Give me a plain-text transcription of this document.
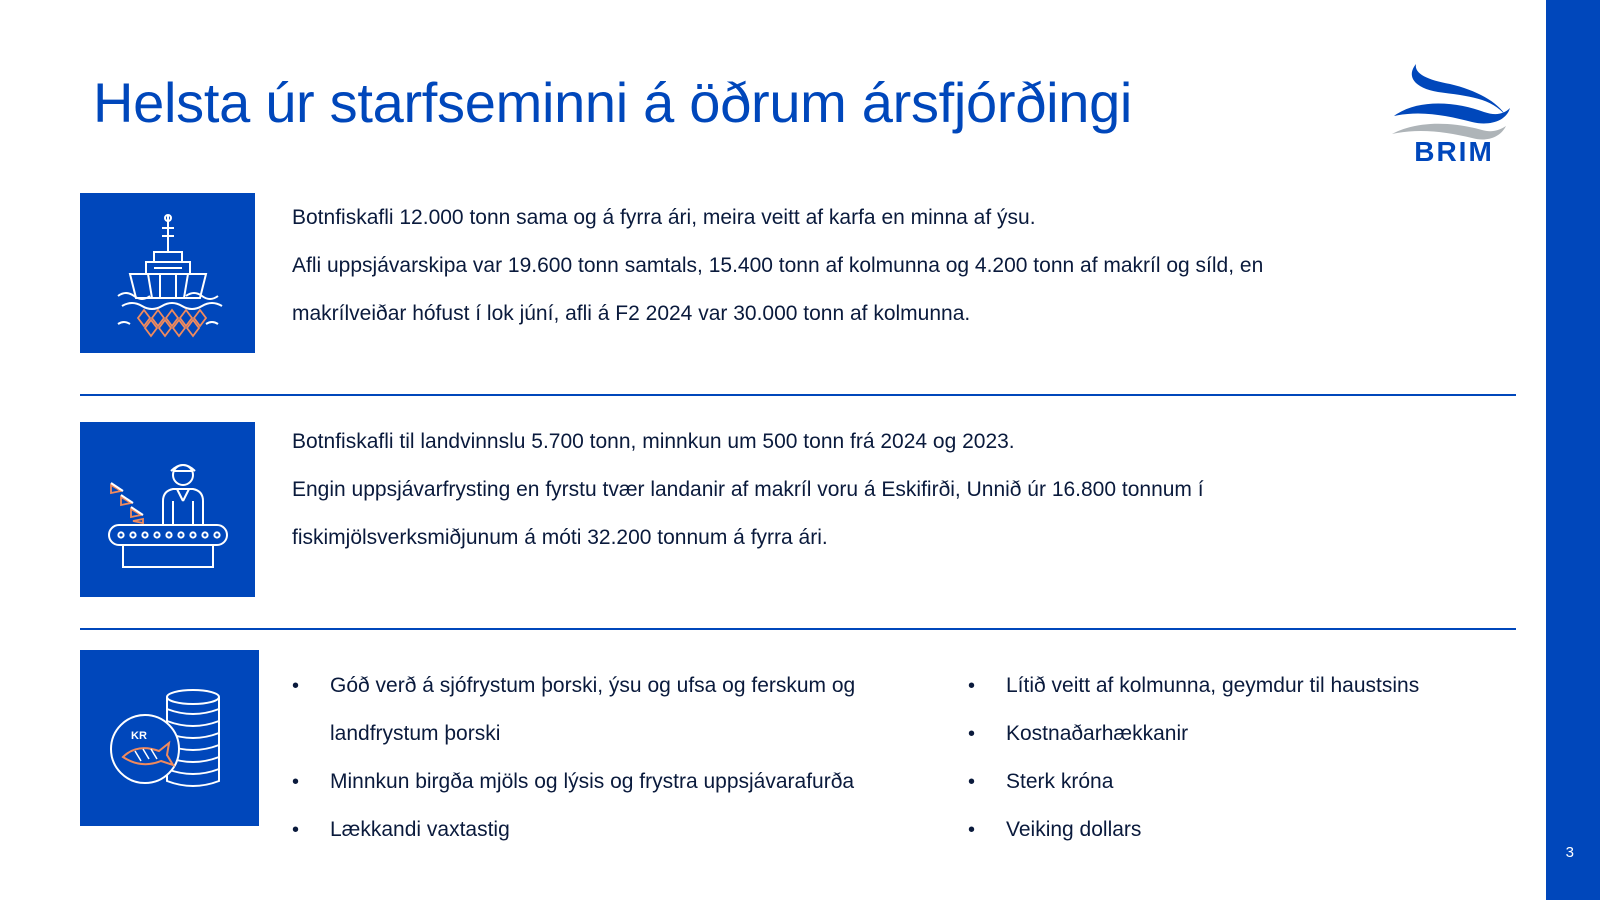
3
Helsta úr starfseminni á öðrum ársfjórðingi
BRIM

Botnfiskafli 12.000 tonn sama og á fyrra ári, meira veitt af karfa en minna af ýsu.

Afli uppsjávarskipa var 19.600 tonn samtals, 15.400 tonn af kolmunna og 4.200 tonn af makríl og síld, en

makrílveiðar hófust í lok júní, afli á F2 2024 var 30.000 tonn af kolmunna.

Botnfiskafli til landvinnslu 5.700 tonn, minnkun um 500 tonn frá 2024 og 2023.

Engin uppsjávarfrysting en fyrstu tvær landanir af makríl voru á Eskifirði, Unnið úr 16.800 tonnum í

fiskimjölsverksmiðjunum á móti 32.200 tonnum á fyrra ári.

KR
• Góð verð á sjófrystum þorski, ýsu og ufsa og ferskum og landfrystum þorski
• Minnkun birgða mjöls og lýsis og frystra uppsjávarafurða
• Lækkandi vaxtastig
• Lítið veitt af kolmunna, geymdur til haustsins
• Kostnaðarhækkanir
• Sterk króna
• Veiking dollars
